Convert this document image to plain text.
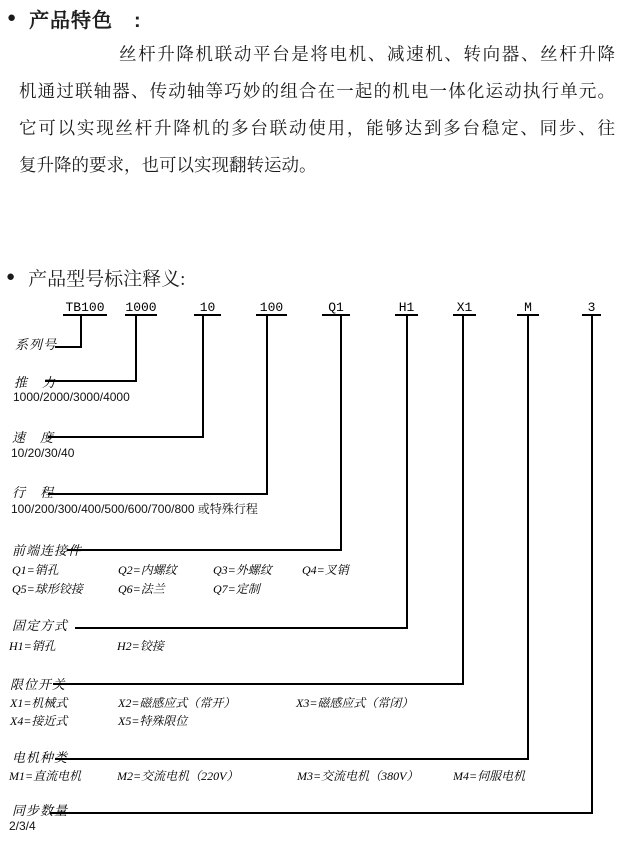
● 产品特色　:
丝杆升降机联动平台是将电机、减速机、转向器、丝杆升降
机通过联轴器、传动轴等巧妙的组合在一起的机电一体化运动执行单元。
它可以实现丝杆升降机的多台联动使用，能够达到多台稳定、同步、往
复升降的要求，也可以实现翻转运动。
● 产品型号标注释义:
TB100 1000	10	100	Q1	H1	X1	M	3
系列号
推　力
速　度
行　程
前端连接件
固定方式
限位开关
电机种类
同步数量
1000/2000/3000/4000
10/20/30/40
100/200/300/400/500/600/700/800 或特殊行程
2/3/4
Q1=销孔	Q2=内螺纹	Q3=外螺纹	Q4=叉销
Q5=球形铰接	Q6=法兰	Q7=定制
H1=销孔	H2=铰接
X1=机械式	X2=磁感应式（常开）	X3=磁感应式（常闭）
X4=接近式	X5=特殊限位
M1=直流电机	M2=交流电机（220V）	M3=交流电机（380V）	M4=伺服电机
